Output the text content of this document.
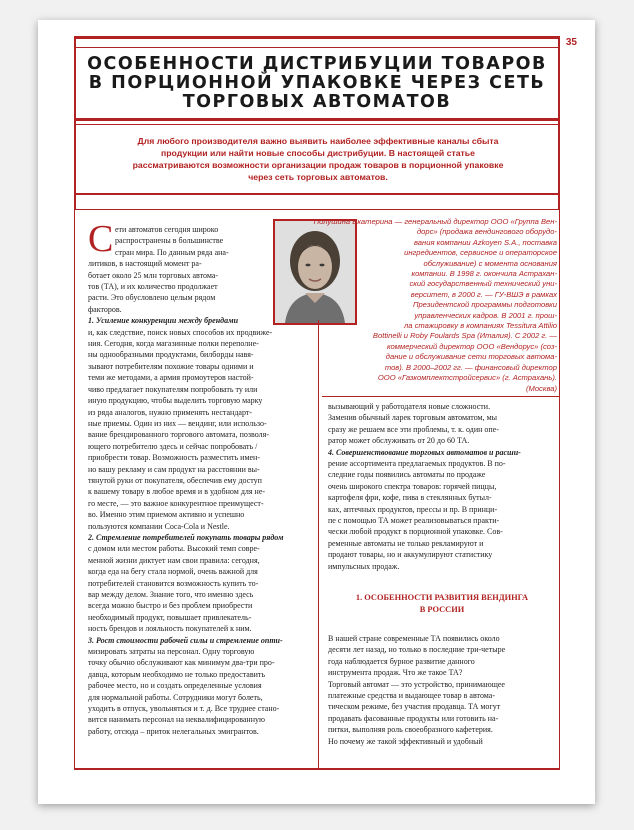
35
ОСОБЕННОСТИ ДИСТРИБУЦИИ ТОВАРОВ
В ПОРЦИОННОЙ УПАКОВКЕ ЧЕРЕЗ СЕТЬ
ТОРГОВЫХ АВТОМАТОВ
Для любого производителя важно выявить наиболее эффективные каналы сбыта
продукции или найти новые способы дистрибуции. В настоящей статье
рассматриваются возможности организации продаж товаров в порционной упаковке
через сеть торговых автоматов.
Полушина Екатерина — генеральный директор ООО «Группа Вен-
дорс» (продажа вендингового оборудо-
вания компании Azkoyen S.A., поставка
ингредиентов, сервисное и операторское
обслуживание) с момента основания
компании. В 1998 г. окончила Астрахан-
ский государственный технический уни-
верситет, в 2000 г. — ГУ-ВШЭ в рамках
Президентской программы подготовки
управленческих кадров. В 2001 г. прош-
ла стажировку в компаниях Tessitura Attilio
Bottinelli и Roby Foulards Spa (Италия). С 2002 г. —
коммерческий директор ООО «Вендорус» (соз-
дание и обслуживание сети торговых автома-
тов). В 2000–2002 гг. — финансовый директор
ООО «Газкомплектстройсервис» (г. Астрахань).
(Москва)
С ети автоматов сегодня широко
распространены в большинстве
стран мира. По данным ряда ана-
литиков, в настоящий момент ра-
ботает около 25 млн торговых автома-
тов (ТА), и их количество продолжает
расти. Это обусловлено целым рядом
факторов.
1. Усиление конкуренции между брендами
и, как следствие, поиск новых способов их продвиже-
ния. Сегодня, когда магазинные полки переполне-
ны однообразными продуктами, билборды навя-
зывают потребителям похожие товары одними и
теми же методами, а армия промоутеров настой-
чиво предлагает покупателям попробовать ту или
иную продукцию, чтобы выделить торговую марку
из ряда аналогов, нужно применять нестандарт-
ные приемы. Один из них — вендинг, или использо-
вание брендированного торгового автомата, позволя-
ющего потребителю здесь и сейчас попробовать /
приобрести товар. Возможность разместить имен-
но вашу рекламу и сам продукт на расстоянии вы-
тянутой руки от покупателя, обеспечив ему доступ
к вашему товару в любое время и в удобном для не-
го месте, — это важное конкурентное преимущест-
во. Именно этим приемом активно и успешно
пользуются компании Coca-Cola и Nestle.
2. Стремление потребителей покупать товары рядом
с домом или местом работы. Высокий темп совре-
менной жизни диктует нам свои правила: сегодня,
когда еда на бегу стала нормой, очень важной для
потребителей становится возможность купить то-
вар между делом. Знание того, что именно здесь
всегда можно быстро и без проблем приобрести
необходимый продукт, повышает привлекатель-
ность брендов и лояльность покупателей к ним.
3. Рост стоимости рабочей силы и стремление опти-
мизировать затраты на персонал. Одну торговую
точку обычно обслуживают как минимум два-три про-
давца, которым необходимо не только предоставить
рабочее место, но и создать определенные условия
для нормальной работы. Сотрудники могут болеть,
уходить в отпуск, увольняться и т. д. Все труднее стано-
вится нанимать персонал на неквалифицированную
работу, отсюда – приток нелегальных эмигрантов.
вызывающий у работодателя новые сложности.
Заменив обычный ларек торговым автоматом, мы
сразу же решаем все эти проблемы, т. к. один опе-
ратор может обслуживать от 20 до 60 ТА.
4. Совершенствование торговых автоматов и расши-
рение ассортимента предлагаемых продуктов. В по-
следние годы появились автоматы по продаже
очень широкого спектра товаров: горячей пиццы,
картофеля фри, кофе, пива в стеклянных бутыл-
ках, аптечных продуктов, прессы и пр. В принци-
пе с помощью ТА может реализовываться практи-
чески любой продукт в порционной упаковке. Сов-
ременные автоматы не только рекламируют и
продают товары, но и аккумулируют статистику
импульсных продаж.
1. ОСОБЕННОСТИ РАЗВИТИЯ ВЕНДИНГА
В РОССИИ
В нашей стране современные ТА появились около
десяти лет назад, но только в последние три-четыре
года наблюдается бурное развитие данного
инструмента продаж. Что же такое ТА?
Торговый автомат — это устройство, принимающее
платежные средства и выдающее товар в автома-
тическом режиме, без участия продавца. ТА могут
продавать фасованные продукты или готовить на-
питки, выполняя роль своеобразного кафетерия.
Но почему же такой эффективный и удобный
